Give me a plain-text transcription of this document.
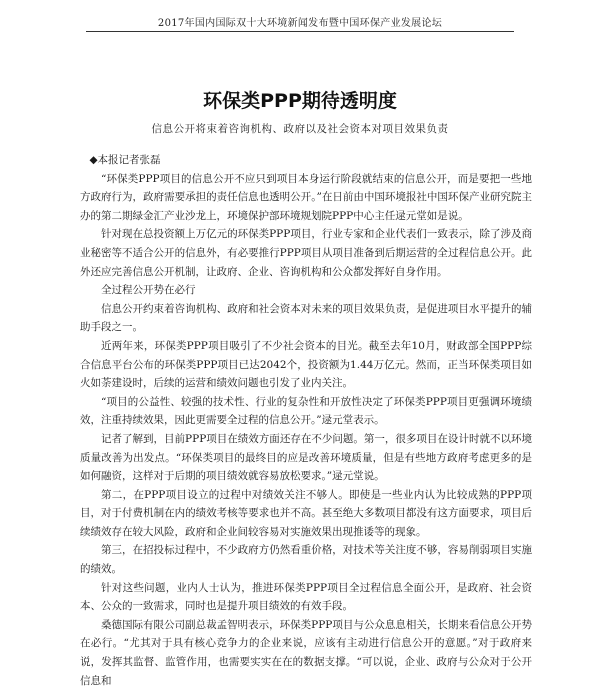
2017年国内国际双十大环境新闻发布暨中国环保产业发展论坛
环保类PPP期待透明度
信息公开将束着咨询机构、政府以及社会资本对项目效果负责

◆本报记者张磊

“环保类PPP项目的信息公开不应只到项目本身运行阶段就结束的信息公开，而是要把一些地方政府行为，政府需要承担的责任信息也透明公开。”在日前由中国环境报社中国环保产业研究院主办的第二期绿金汇产业沙龙上，环境保护部环境规划院PPP中心主任逯元堂如是说。

针对现在总投资额上万亿元的环保类PPP项目，行业专家和企业代表们一致表示，除了涉及商业秘密等不适合公开的信息外，有必要推行PPP项目从项目准备到后期运营的全过程信息公开。此外还应完善信息公开机制，让政府、企业、咨询机构和公众都发挥好自身作用。

全过程公开势在必行

信息公开约束着咨询机构、政府和社会资本对未来的项目效果负责，是促进项目水平提升的辅助手段之一。

近两年来，环保类PPP项目吸引了不少社会资本的目光。截至去年10月，财政部全国PPP综合信息平台公布的环保类PPP项目已达2042个，投资额为1.44万亿元。然而，正当环保类项目如火如荼建设时，后续的运营和绩效问题也引发了业内关注。

“项目的公益性、较强的技术性、行业的复杂性和开放性决定了环保类PPP项目更强调环境绩效，注重持续效果，因此更需要全过程的信息公开。”逯元堂表示。

记者了解到，目前PPP项目在绩效方面还存在不少问题。第一，很多项目在设计时就不以环境质量改善为出发点。“环保类项目的最终目的应是改善环境质量，但是有些地方政府考虑更多的是如何融资，这样对于后期的项目绩效就容易放松要求。”逯元堂说。

第二，在PPP项目设立的过程中对绩效关注不够人。即使是一些业内认为比较成熟的PPP项目，对于付费机制在内的绩效考核等要求也并不高。甚至绝大多数项目都没有这方面要求，项目后续绩效存在较大风险，政府和企业间较容易对实施效果出现推诿等的现象。

第三，在招投标过程中，不少政府方仍然看重价格，对技术等关注度不够，容易削弱项目实施的绩效。

针对这些问题，业内人士认为，推进环保类PPP项目全过程信息全面公开，是政府、社会资本、公众的一致需求，同时也是提升项目绩效的有效手段。

桑德国际有限公司副总裁孟智明表示，环保类PPP项目与公众息息相关，长期来看信息公开势在必行。“尤其对于具有核心竞争力的企业来说，应该有主动进行信息公开的意愿。”对于政府来说，发挥其监督、监管作用，也需要实实在在的数据支撑。“可以说，企业、政府与公众对于公开信息和
